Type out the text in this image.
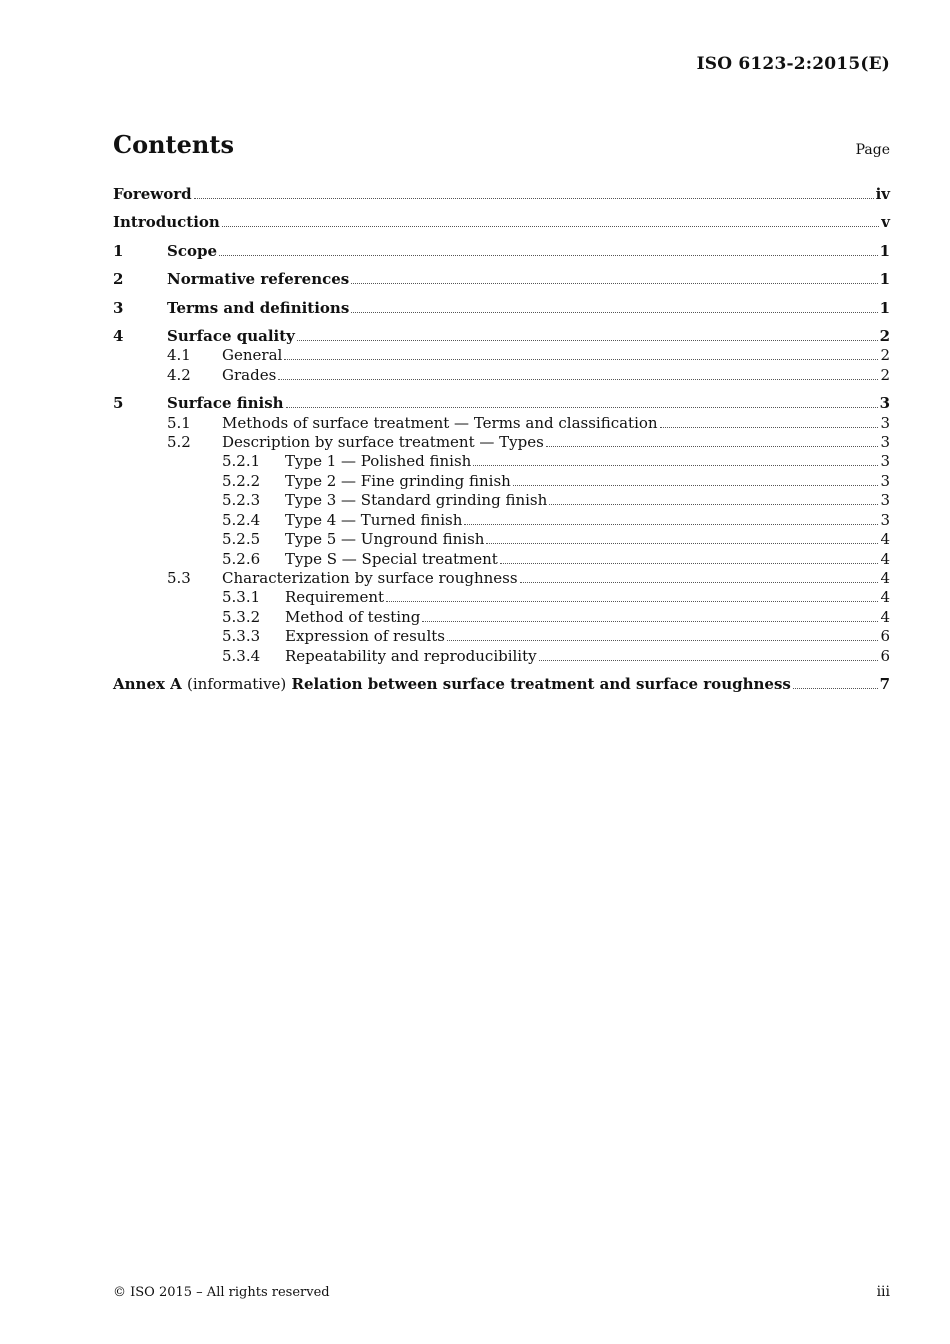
ISO 6123-2:2015(E)
Contents	Page
Foreword	iv
Introduction	v
1	Scope	1
2	Normative references	1
3	Terms and definitions	1
4	Surface quality	2
4.1	General	2
4.2	Grades	2
5	Surface finish	3
5.1	Methods of surface treatment — Terms and classification	3
5.2	Description by surface treatment — Types	3
5.2.1	Type 1 — Polished finish	3
5.2.2	Type 2 — Fine grinding finish	3
5.2.3	Type 3 — Standard grinding finish	3
5.2.4	Type 4 — Turned finish	3
5.2.5	Type 5 — Unground finish	4
5.2.6	Type S — Special treatment	4
5.3	Characterization by surface roughness	4
5.3.1	Requirement	4
5.3.2	Method of testing	4
5.3.3	Expression of results	6
5.3.4	Repeatability and reproducibility	6
Annex A (informative) Relation between surface treatment and surface roughness	7
© ISO 2015 – All rights reserved	iii
